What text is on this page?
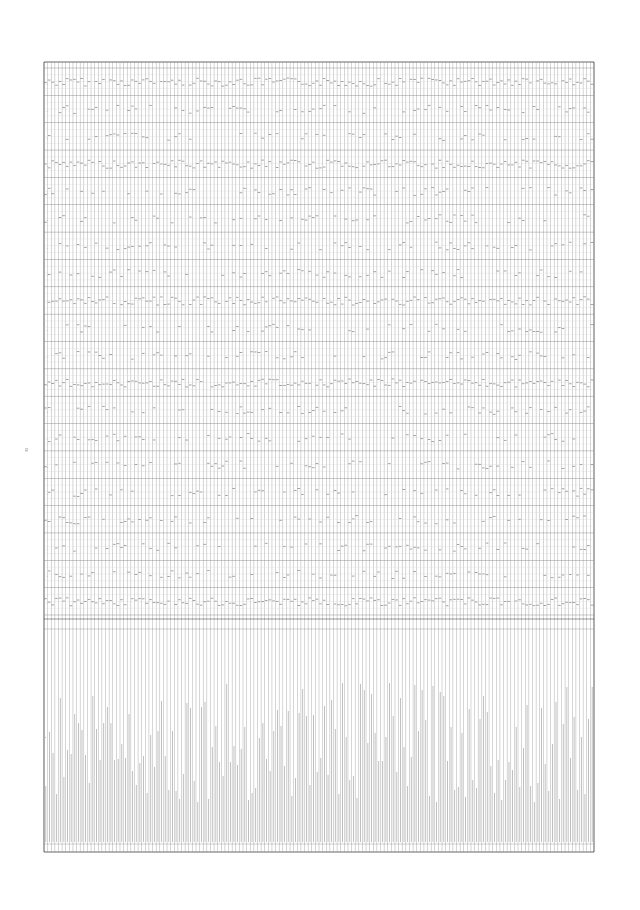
31
*
...
...
...
...
...
...
...
...
...
...
...
...
...
...
...
...
...
...
...
...
